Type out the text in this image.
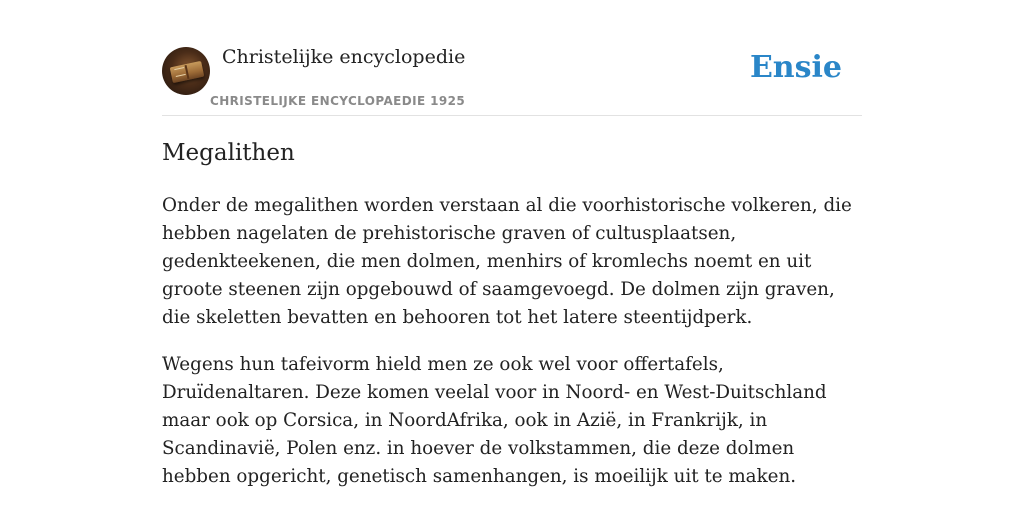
Christelijke encyclopedie
CHRISTELIJKE ENCYCLOPAEDIE 1925
Ensie
Megalithen

Onder de megalithen worden verstaan al die voorhistorische volkeren, die hebben nagelaten de prehistorische graven of cultusplaatsen, gedenkteekenen, die men dolmen, menhirs of kromlechs noemt en uit groote steenen zijn opgebouwd of saamgevoegd. De dolmen zijn graven, die skeletten bevatten en behooren tot het latere steentijdperk.

Wegens hun tafeivorm hield men ze ook wel voor offertafels, Druïdenaltaren. Deze komen veelal voor in Noord- en West-Duitschland maar ook op Corsica, in NoordAfrika, ook in Azië, in Frankrijk, in Scandinavië, Polen enz. in hoever de volkstammen, die deze dolmen hebben opgericht, genetisch samenhangen, is moeilijk uit te maken.
